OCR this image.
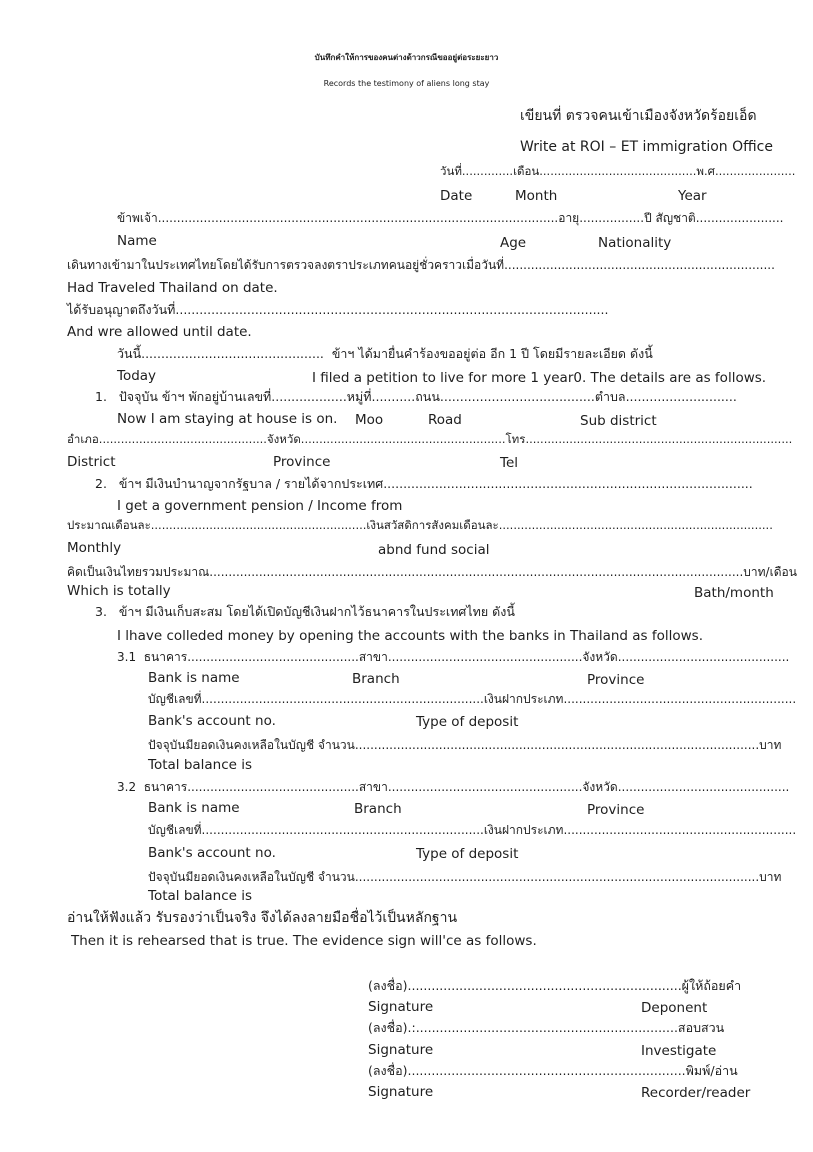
บันทึกคำให้การของคนต่างด้าวกรณีขออยู่ต่อระยะยาว
Records the testimony of aliens long stay
เขียนที่ ตรวจคนเข้าเมืองจังหวัดร้อยเอ็ด
Write at ROI – ET immigration Office
วันที่..............เดือน...........................................พ.ศ......................
Date	Month	Year
ข้าพเจ้า.........................................................................................................อายุ.................ปี สัญชาติ.......................
Name	Age	Nationality
เดินทางเข้ามาในประเทศไทยโดยได้รับการตรวจลงตราประเภทคนอยู่ชั่วคราวเมื่อวันที่.......................................................................
Had Traveled Thailand on date.
ได้รับอนุญาตถึงวันที่.............................................................................................................
And wre allowed until date.
วันนี้..............................................  ข้าฯ ได้มายื่นคำร้องขออยู่ต่อ อีก 1 ปี โดยมีรายละเอียด ดังนี้
Today	I filed a petition to live for more 1 year0. The details are as follows.
1.   ปัจจุบัน ข้าฯ พักอยู่บ้านเลขที่...................หมู่ที่...........ถนน.......................................ตำบล............................
Now I am staying at house is on. Moo	Road	Sub district
อำเภอ..............................................จังหวัด........................................................โทร.........................................................................
District	Province	Tel
2.   ข้าฯ มีเงินบำนาญจากรัฐบาล / รายได้จากประเทศ.............................................................................................
I get a government pension / Income from
ประมาณเดือนละ...........................................................เงินสวัสดิการสังคมเดือนละ...........................................................................
Monthly	abnd fund social
คิดเป็นเงินไทยรวมประมาณ............................................................................................................................................บาท/เดือน
Which is totally	Bath/month
3.   ข้าฯ มีเงินเก็บสะสม โดยได้เปิดบัญชีเงินฝากไว้ธนาคารในประเทศไทย ดังนี้
I lhave colleded money by opening the accounts with the banks in Thailand as follows.
3.1  ธนาคาร.............................................สาขา...................................................จังหวัด.............................................
Bank is name	Branch	Province
บัญชีเลขที่..........................................................................เงินฝากประเภท.............................................................
Bank's account no.	Type of deposit
ปัจจุบันมียอดเงินคงเหลือในบัญชี จำนวน..........................................................................................................บาท
Total balance is
3.2  ธนาคาร.............................................สาขา...................................................จังหวัด.............................................
Bank is name	Branch	Province
บัญชีเลขที่..........................................................................เงินฝากประเภท.............................................................
Bank's account no.	Type of deposit
ปัจจุบันมียอดเงินคงเหลือในบัญชี จำนวน..........................................................................................................บาท
Total balance is
อ่านให้ฟังแล้ว รับรองว่าเป็นจริง จึงได้ลงลายมือชื่อไว้เป็นหลักฐาน
Then it is rehearsed that is true. The evidence sign will'ce as follows.
(ลงชื่อ).....................................................................ผู้ให้ถ้อยคำ
Signature	Deponent
(ลงชื่อ).:..................................................................สอบสวน
Signature	Investigate
(ลงชื่อ)......................................................................พิมพ์/อ่าน
Signature	Recorder/reader
